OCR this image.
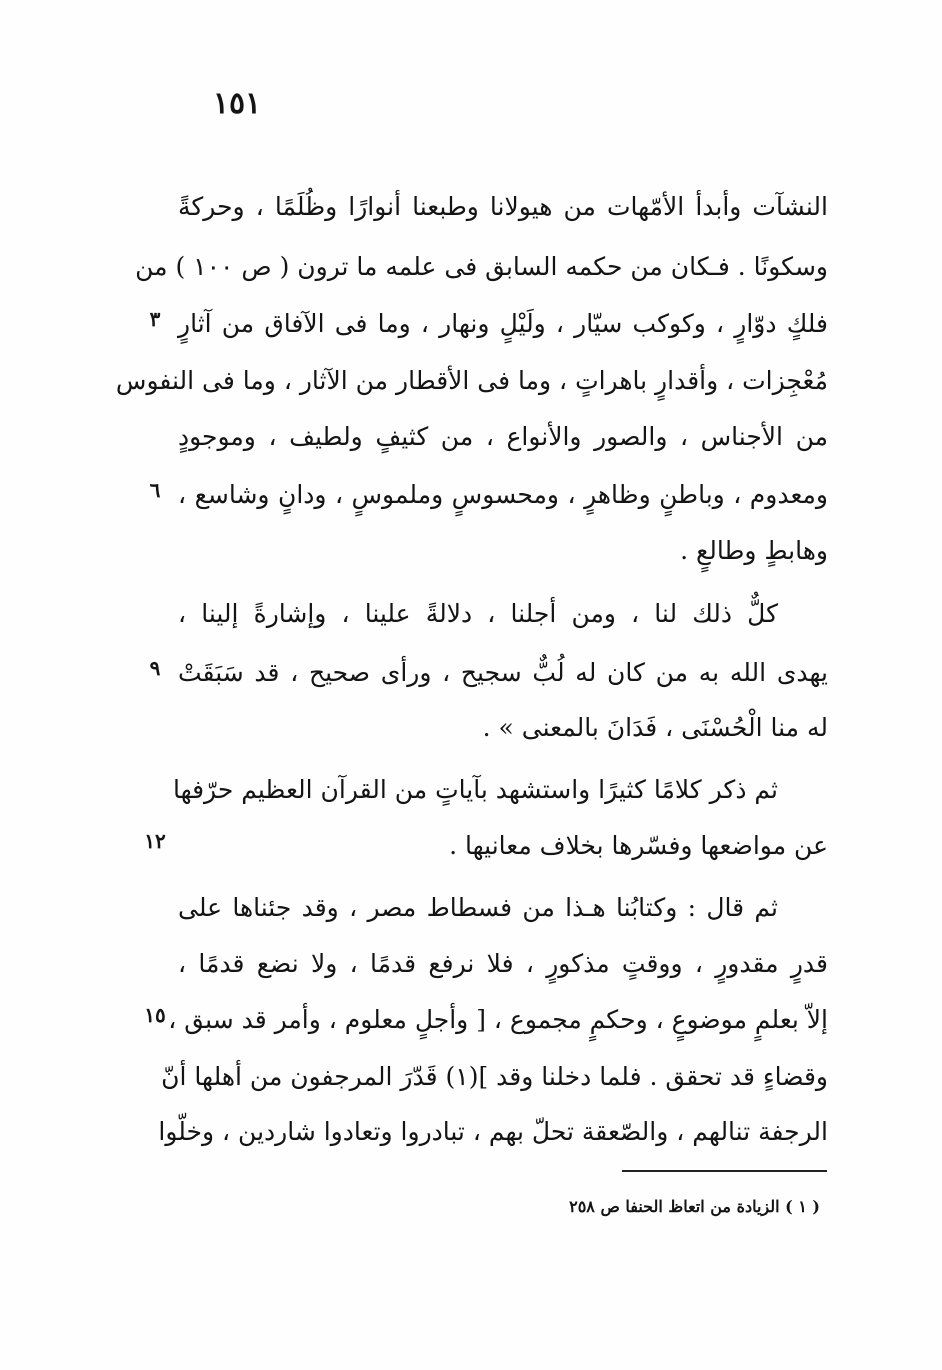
١٥١
النشآت وأبدأ الأمّهات من هيولانا وطبعنا أنوارًا وظُلَمًا ، وحركةً
وسكونًا . فـكان من حكمه السابق فى علمه ما ترون ( ص ١٠٠ ) من
فلكٍ دوّارٍ ، وكوكب سيّار ، ولَيْلٍ ونهار ، وما فى الآفاق من آثارٍ
مُعْجِزات ، وأقدارٍ باهراتٍ ، وما فى الأقطار من الآثار ، وما فى النفوس
من الأجناس ، والصور والأنواع ، من كثيفٍ ولطيف ، وموجودٍ
ومعدوم ، وباطنٍ وظاهرٍ ، ومحسوسٍ وملموسٍ ، ودانٍ وشاسع ،
وهابطٍ وطالعٍ .
كلٌّ ذلك لنا ، ومن أجلنا ، دلالةً علينا ، وإشارةً إلينا ،
يهدى الله به من كان له لُبٌّ سجيح ، ورأى صحيح ، قد سَبَقَتْ
له منا الْحُسْنَى ، فَدَانَ بالمعنى » .
ثم ذكر كلامًا كثيرًا واستشهد بآياتٍ من القرآن العظيم حرّفها
عن مواضعها وفسّرها بخلاف معانيها .
ثم قال : وكتابُنا هـذا من فسطاط مصر ، وقد جئناها على
قدرٍ مقدورٍ ، ووقتٍ مذكورٍ ، فلا نرفع قدمًا ، ولا نضع قدمًا ،
إلاّ بعلمٍ موضوعٍ ، وحكمٍ مجموع ، [ وأجلٍ معلوم ، وأمر قد سبق ،
وقضاءٍ قد تحقق . فلما دخلنا وقد ](١) قَدّرَ المرجفون من أهلها أنّ
الرجفة تنالهم ، والصّعقة تحلّ بهم ، تبادروا وتعادوا شاردين ، وخلّوا
٣
٦
٩
١٢
١٥
( ١ ) الزيادة من اتعاظ الحنفا ص ٢٥٨
